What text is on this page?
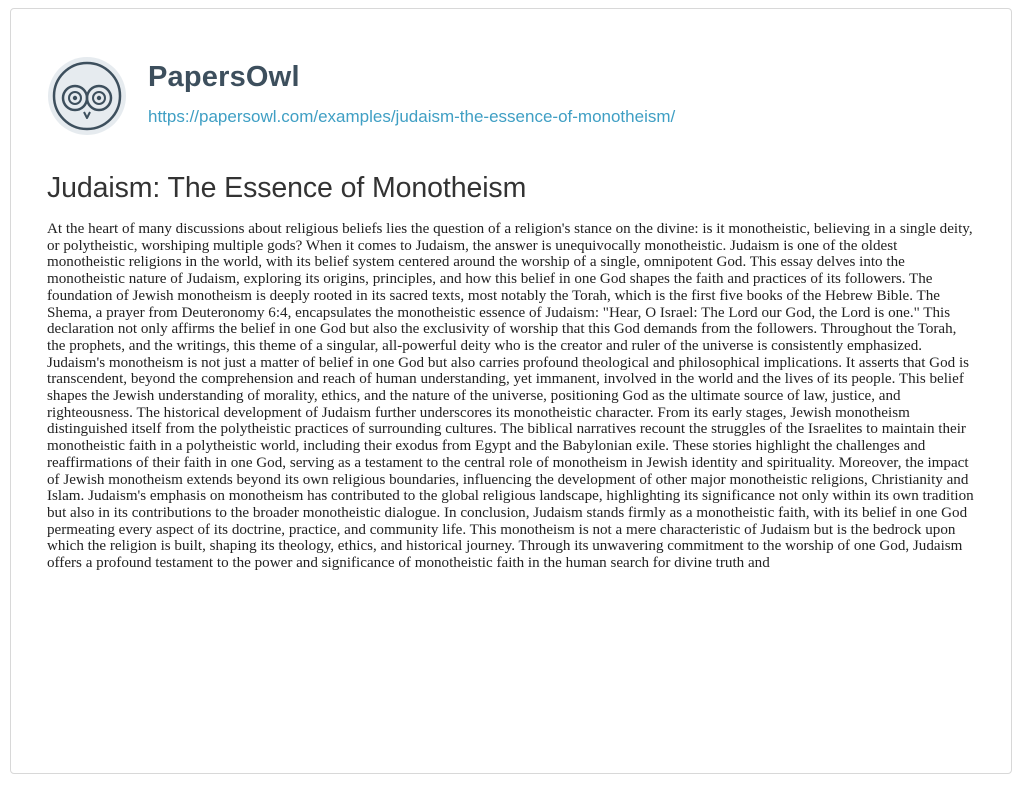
PapersOwl
https://papersowl.com/examples/judaism-the-essence-of-monotheism/
Judaism: The Essence of Monotheism

At the heart of many discussions about religious beliefs lies the question of a religion's stance on the divine: is it monotheistic, believing in a single deity, or polytheistic, worshiping multiple gods? When it comes to Judaism, the answer is unequivocally monotheistic. Judaism is one of the oldest monotheistic religions in the world, with its belief system centered around the worship of a single, omnipotent God. This essay delves into the monotheistic nature of Judaism, exploring its origins, principles, and how this belief in one God shapes the faith and practices of its followers. The foundation of Jewish monotheism is deeply rooted in its sacred texts, most notably the Torah, which is the first five books of the Hebrew Bible. The Shema, a prayer from Deuteronomy 6:4, encapsulates the monotheistic essence of Judaism: "Hear, O Israel: The Lord our God, the Lord is one." This declaration not only affirms the belief in one God but also the exclusivity of worship that this God demands from the followers. Throughout the Torah, the prophets, and the writings, this theme of a singular, all-powerful deity who is the creator and ruler of the universe is consistently emphasized. Judaism's monotheism is not just a matter of belief in one God but also carries profound theological and philosophical implications. It asserts that God is transcendent, beyond the comprehension and reach of human understanding, yet immanent, involved in the world and the lives of its people. This belief shapes the Jewish understanding of morality, ethics, and the nature of the universe, positioning God as the ultimate source of law, justice, and righteousness. The historical development of Judaism further underscores its monotheistic character. From its early stages, Jewish monotheism distinguished itself from the polytheistic practices of surrounding cultures. The biblical narratives recount the struggles of the Israelites to maintain their monotheistic faith in a polytheistic world, including their exodus from Egypt and the Babylonian exile. These stories highlight the challenges and reaffirmations of their faith in one God, serving as a testament to the central role of monotheism in Jewish identity and spirituality. Moreover, the impact of Jewish monotheism extends beyond its own religious boundaries, influencing the development of other major monotheistic religions, Christianity and Islam. Judaism's emphasis on monotheism has contributed to the global religious landscape, highlighting its significance not only within its own tradition but also in its contributions to the broader monotheistic dialogue. In conclusion, Judaism stands firmly as a monotheistic faith, with its belief in one God permeating every aspect of its doctrine, practice, and community life. This monotheism is not a mere characteristic of Judaism but is the bedrock upon which the religion is built, shaping its theology, ethics, and historical journey. Through its unwavering commitment to the worship of one God, Judaism offers a profound testament to the power and significance of monotheistic faith in the human search for divine truth and
